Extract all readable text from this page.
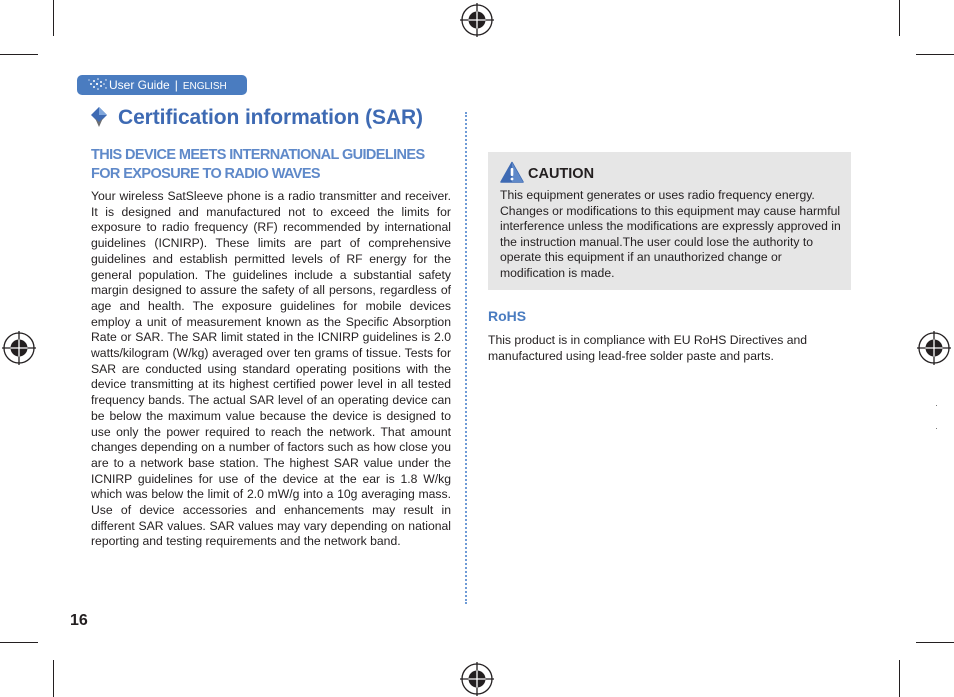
User Guide | ENGLISH
Certification information (SAR)
THIS DEVICE MEETS INTERNATIONAL GUIDELINES
FOR EXPOSURE TO RADIO WAVES
Your wireless SatSleeve phone is a radio transmitter and receiver. It is designed and manufactured not to exceed the limits for exposure to radio frequency (RF) recommended by international guidelines (ICNIRP). These limits are part of comprehensive guidelines and establish permitted levels of RF energy for the general population. The guidelines include a substantial safety margin designed to assure the safety of all persons, regardless of age and health. The exposure guidelines for mobile devices employ a unit of measurement known as the Specific Absorption Rate or SAR. The SAR limit stated in the ICNIRP guidelines is 2.0 watts/kilogram (W/kg) averaged over ten grams of tissue. Tests for SAR are conducted using standard operating positions with the device transmitting at its highest certified power level in all tested frequency bands. The actual SAR level of an operating device can be below the maximum value because the device is designed to use only the power required to reach the network. That amount changes depending on a number of factors such as how close you are to a network base station. The highest SAR value under the ICNIRP guidelines for use of the device at the ear is 1.8 W/kg which was below the limit of 2.0 mW/g into a 10g averaging mass. Use of device accessories and enhancements may result in different SAR values. SAR values may vary depending on national reporting and testing requirements and the network band.
CAUTION
This equipment generates or uses radio frequency energy. Changes or modifications to this equipment may cause harmful interference unless the modifications are expressly approved in the instruction manual.The user could lose the authority to operate this equipment if an unauthorized change or modification is made.
RoHS
This product is in compliance with EU RoHS Directives and manufactured using lead-free solder paste and parts.
16
